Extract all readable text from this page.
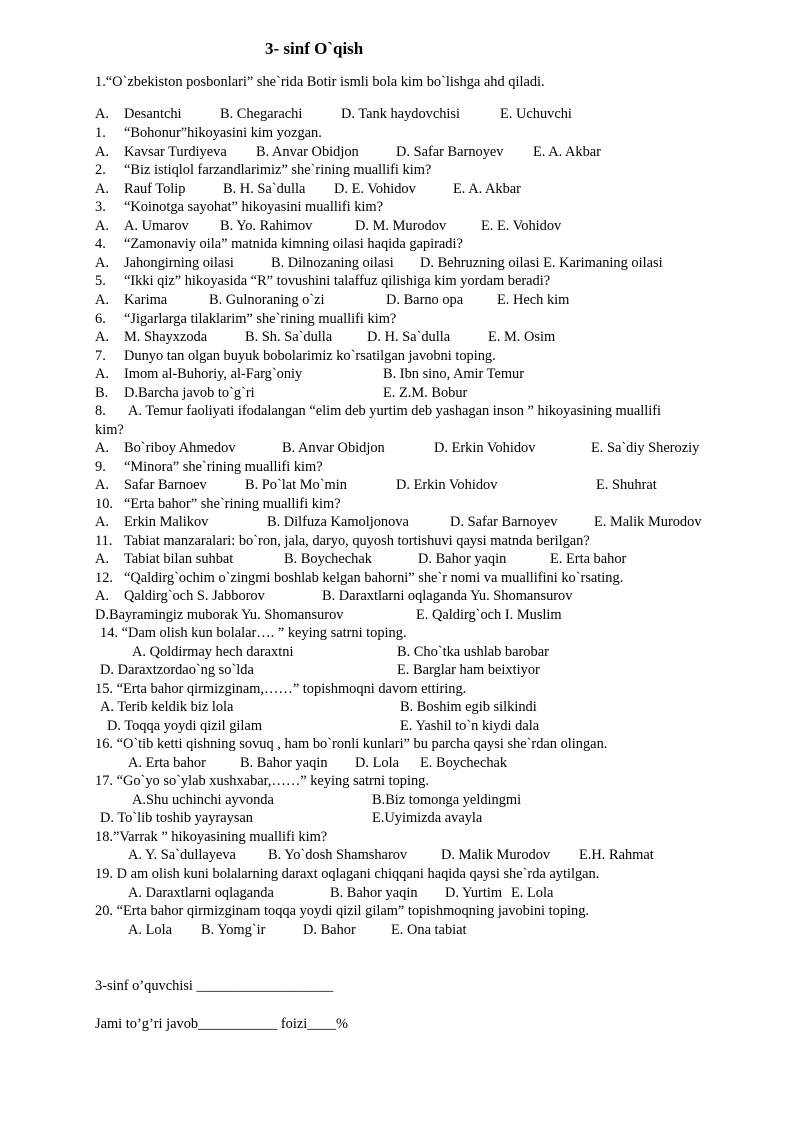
3- sinf O`qish
1.“O`zbekiston posbonlari” she`rida Botir ismli bola kim bo`lishga ahd qiladi.
A. Desantchi	B. Chegarachi	D. Tank haydovchisi	E. Uchuvchi
1. “Bohonur”hikoyasini kim yozgan.
A. Kavsar Turdiyeva B. Anvar Obidjon	D. Safar Barnoyev E. A. Akbar
2. “Biz istiqlol farzandlarimiz” she`rining muallifi kim?
A. Rauf Tolip	B. H. Sa`dulla D. E. Vohidov	E. A. Akbar
3. “Koinotga sayohat” hikoyasini muallifi kim?
A. A. Umarov B. Yo. Rahimov	D. M. Murodov E. E. Vohidov
4. “Zamonaviy oila” matnida kimning oilasi haqida gapiradi?
A. Jahongirning oilasi	B. Dilnozaning oilasi D. Behruzning oilasi E. Karimaning oilasi
5. “Ikki qiz” hikoyasida “R” tovushini talaffuz qilishiga kim yordam beradi?
A. Karima	B. Gulnoraning o`zi	D. Barno opa E. Hech kim
6. “Jigarlarga tilaklarim” she`rining muallifi kim?
A. M. Shayxzoda	B. Sh. Sa`dulla D. H. Sa`dulla	E. M. Osim
7. Dunyo tan olgan buyuk bobolarimiz ko`rsatilgan javobni toping.
A. Imom al-Buhoriy, al-Farg`oniy	B. Ibn sino, Amir Temur
B. D.Barcha javob to`g`ri	E. Z.M. Bobur
8. A. Temur faoliyati ifodalangan “elim deb yurtim deb yashagan inson ” hikoyasining muallifi
kim?
A. Bo`riboy Ahmedov	B. Anvar Obidjon	D. Erkin Vohidov	E. Sa`diy Sheroziy
9. “Minora” she`rining muallifi kim?
A. Safar Barnoev	B. Po`lat Mo`min	D. Erkin Vohidov	E. Shuhrat
10. “Erta bahor” she`rining muallifi kim?
A. Erkin Malikov	B. Dilfuza Kamoljonova	D. Safar Barnoyev	E. Malik Murodov
11. Tabiat manzaralari: bo`ron, jala, daryo, quyosh tortishuvi qaysi matnda berilgan?
A. Tabiat bilan suhbat	B. Boychechak	D. Bahor yaqin	E. Erta bahor
12. “Qaldirg`ochim o`zingmi boshlab kelgan bahorni” she`r nomi va muallifini ko`rsating.
A. Qaldirg`och S. Jabborov	B. Daraxtlarni oqlaganda Yu. Shomansurov
D.Bayramingiz muborak Yu. Shomansurov	E. Qaldirg`och I. Muslim
14. “Dam olish kun bolalar…. ” keying satrni toping.
A. Qoldirmay hech daraxtni	B. Cho`tka ushlab barobar
D. Daraxtzordao`ng so`lda	E. Barglar ham beixtiyor
15. “Erta bahor qirmizginam,……” topishmoqni davom ettiring.
A. Terib keldik biz lola	B. Boshim egib silkindi
D. Toqqa yoydi qizil gilam	E. Yashil to`n kiydi dala
16. “O`tib ketti qishning sovuq , ham bo`ronli kunlari” bu parcha qaysi she`rdan olingan.
A. Erta bahor B. Bahor yaqin D. Lola E. Boychechak
17. “Go`yo so`ylab xushxabar,……” keying satrni toping.
A.Shu uchinchi ayvonda	B.Biz tomonga yeldingmi
D. To`lib toshib yayraysan	E.Uyimizda avayla
18.”Varrak ” hikoyasining muallifi kim?
A. Y. Sa`dullayeva B. Yo`dosh Shamsharov D. Malik Murodov E.H. Rahmat
19. D am olish kuni bolalarning daraxt oqlagani chiqqani haqida qaysi she`rda aytilgan.
A. Daraxtlarni oqlaganda	B. Bahor yaqin D. Yurtim E. Lola
20. “Erta bahor qirmizginam toqqa yoydi qizil gilam” topishmoqning javobini toping.
A. Lola B. Yomg`ir	D. Bahor E. Ona tabiat
3-sinf o’quvchisi ___________________
Jami to’g’ri javob___________ foizi____%
